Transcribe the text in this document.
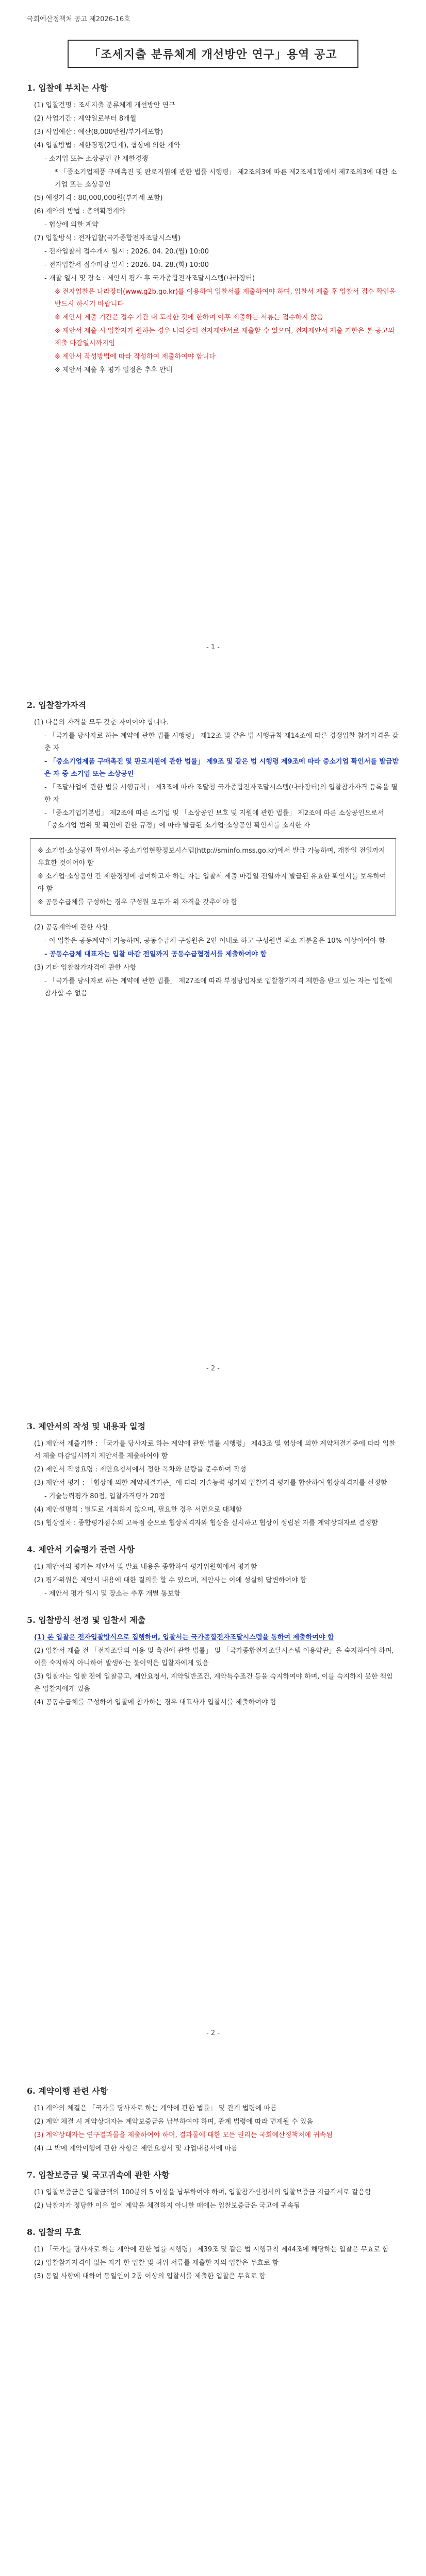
국회예산정책처 공고 제2026-16호
「조세지출 분류체계 개선방안 연구」용역 공고
1. 입찰에 부치는 사항
(1) 입찰건명 : 조세지출 분류체계 개선방안 연구
(2) 사업기간 : 계약일로부터 8개월
(3) 사업예산 : 예산(8,000만원/부가세포함)
(4) 입찰방법 : 제한경쟁(2단계), 협상에 의한 계약
- 소기업 또는 소상공인 간 제한경쟁
* 「중소기업제품 구매촉진 및 판로지원에 관한 법률 시행령」 제2조의3에 따른 제2조제1항에서 제7조의3에 대한 소기업 또는 소상공인
(5) 예정가격 : 80,000,000원(부가세 포함)
(6) 계약의 방법 : 총액확정계약
- 협상에 의한 계약
(7) 입찰방식 : 전자입찰(국가종합전자조달시스템)
- 전자입찰서 접수개시 일시 : 2026. 04. 20.(월) 10:00
- 전자입찰서 접수마감 일시 : 2026. 04. 28.(화) 10:00
- 개찰 일시 및 장소 : 제안서 평가 후 국가종합전자조달시스템(나라장터)
※ 전자입찰은 나라장터(www.g2b.go.kr)를 이용하여 입찰서를 제출하여야 하며, 입찰서 제출 후 입찰서 접수 확인을 반드시 하시기 바랍니다
※ 제안서 제출 기간은 접수 기간 내 도착한 것에 한하며 이후 제출하는 서류는 접수하지 않음
※ 제안서 제출 시 입찰자가 원하는 경우 나라장터 전자제안서로 제출할 수 있으며, 전자제안서 제출 기한은 본 공고의 제출 마감일시까지임
※ 제안서 작성방법에 따라 작성하여 제출하여야 합니다
※ 제안서 제출 후 평가 일정은 추후 안내
- 1 -
2. 입찰참가자격
(1) 다음의 자격을 모두 갖춘 자이어야 합니다.
- 「국가를 당사자로 하는 계약에 관한 법률 시행령」 제12조 및 같은 법 시행규칙 제14조에 따른 경쟁입찰 참가자격을 갖춘 자
- 「중소기업제품 구매촉진 및 판로지원에 관한 법률」 제9조 및 같은 법 시행령 제9조에 따라 중소기업 확인서를 발급받은 자 중 소기업 또는 소상공인
- 「조달사업에 관한 법률 시행규칙」 제3조에 따라 조달청 국가종합전자조달시스템(나라장터)의 입찰참가자격 등록을 필한 자
- 「중소기업기본법」 제2조에 따른 소기업 및 「소상공인 보호 및 지원에 관한 법률」 제2조에 따른 소상공인으로서 「중소기업 범위 및 확인에 관한 규정」에 따라 발급된 소기업·소상공인 확인서를 소지한 자
※ 소기업·소상공인 확인서는 중소기업현황정보시스템(http://sminfo.mss.go.kr)에서 발급 가능하며, 개찰일 전일까지 유효한 것이어야 함
※ 소기업·소상공인 간 제한경쟁에 참여하고자 하는 자는 입찰서 제출 마감일 전일까지 발급된 유효한 확인서를 보유하여야 함
※ 공동수급체를 구성하는 경우 구성원 모두가 위 자격을 갖추어야 함
(2) 공동계약에 관한 사항
- 이 입찰은 공동계약이 가능하며, 공동수급체 구성원은 2인 이내로 하고 구성원별 최소 지분율은 10% 이상이어야 함
- 공동수급체 대표자는 입찰 마감 전일까지 공동수급협정서를 제출하여야 함
(3) 기타 입찰참가자격에 관한 사항
- 「국가를 당사자로 하는 계약에 관한 법률」 제27조에 따라 부정당업자로 입찰참가자격 제한을 받고 있는 자는 입찰에 참가할 수 없음
- 2 -
3. 제안서의 작성 및 내용과 일정
(1) 제안서 제출기한 : 「국가를 당사자로 하는 계약에 관한 법률 시행령」 제43조 및 협상에 의한 계약체결기준에 따라 입찰서 제출 마감일시까지 제안서를 제출하여야 함
(2) 제안서 작성요령 : 제안요청서에서 정한 목차와 분량을 준수하여 작성
(3) 제안서 평가 : 「협상에 의한 계약체결기준」에 따라 기술능력 평가와 입찰가격 평가를 합산하여 협상적격자를 선정함
- 기술능력평가 80점, 입찰가격평가 20점
(4) 제안설명회 : 별도로 개최하지 않으며, 필요한 경우 서면으로 대체함
(5) 협상절차 : 종합평가점수의 고득점 순으로 협상적격자와 협상을 실시하고 협상이 성립된 자를 계약상대자로 결정함
4. 제안서 기술평가 관련 사항
(1) 제안서의 평가는 제안서 및 발표 내용을 종합하여 평가위원회에서 평가함
(2) 평가위원은 제안서 내용에 대한 질의를 할 수 있으며, 제안사는 이에 성실히 답변하여야 함
- 제안서 평가 일시 및 장소는 추후 개별 통보함
5. 입찰방식 선정 및 입찰서 제출
(1) 본 입찰은 전자입찰방식으로 집행하며, 입찰서는 국가종합전자조달시스템을 통하여 제출하여야 함
(2) 입찰서 제출 전 「전자조달의 이용 및 촉진에 관한 법률」 및 「국가종합전자조달시스템 이용약관」을 숙지하여야 하며, 이를 숙지하지 아니하여 발생하는 불이익은 입찰자에게 있음
(3) 입찰자는 입찰 전에 입찰공고, 제안요청서, 계약일반조건, 계약특수조건 등을 숙지하여야 하며, 이를 숙지하지 못한 책임은 입찰자에게 있음
(4) 공동수급체를 구성하여 입찰에 참가하는 경우 대표사가 입찰서를 제출하여야 함
- 2 -
6. 계약이행 관련 사항
(1) 계약의 체결은 「국가를 당사자로 하는 계약에 관한 법률」 및 관계 법령에 따름
(2) 계약 체결 시 계약상대자는 계약보증금을 납부하여야 하며, 관계 법령에 따라 면제될 수 있음
(3) 계약상대자는 연구결과물을 제출하여야 하며, 결과물에 대한 모든 권리는 국회예산정책처에 귀속됨
(4) 그 밖에 계약이행에 관한 사항은 제안요청서 및 과업내용서에 따름
7. 입찰보증금 및 국고귀속에 관한 사항
(1) 입찰보증금은 입찰금액의 100분의 5 이상을 납부하여야 하며, 입찰참가신청서의 입찰보증금 지급각서로 갈음함
(2) 낙찰자가 정당한 이유 없이 계약을 체결하지 아니한 때에는 입찰보증금은 국고에 귀속됨
8. 입찰의 무효
(1) 「국가를 당사자로 하는 계약에 관한 법률 시행령」 제39조 및 같은 법 시행규칙 제44조에 해당하는 입찰은 무효로 함
(2) 입찰참가자격이 없는 자가 한 입찰 및 허위 서류를 제출한 자의 입찰은 무효로 함
(3) 동일 사항에 대하여 동일인이 2통 이상의 입찰서를 제출한 입찰은 무효로 함
